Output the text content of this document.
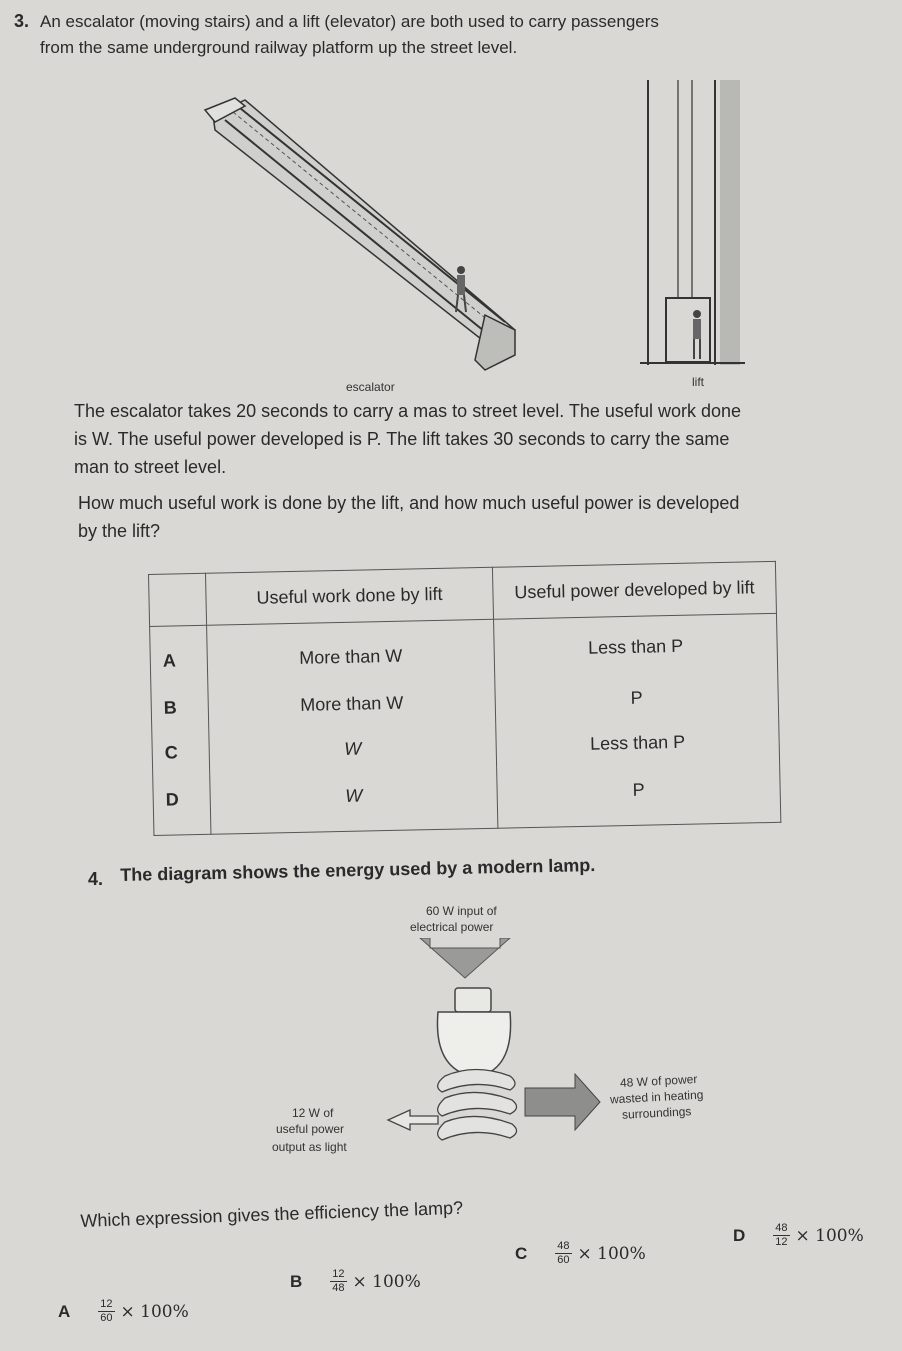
3. An escalator (moving stairs) and a lift (elevator) are both used to carry passengers
from the same underground railway platform up the street level.
escalator	lift
The escalator takes 20 seconds to carry a mas to street level. The useful work done
is W. The useful power developed is P. The lift takes 30 seconds to carry the same
man to street level.
How much useful work is done by the lift, and how much useful power is developed
by the lift?
	Useful work done by lift	Useful power developed by lift
A	More than W	Less than P
B	More than W	P
C	W	Less than P
D	W	P
4. The diagram shows the energy used by a modern lamp.
60 W input of
electrical power
48 W of power
wasted in heating
surroundings
12 W of
useful power
output as light
Which expression gives the efficiency the lamp?
A	$\frac{12}{60} \times 100\%$
B	$\frac{12}{48} \times 100\%$
C	$\frac{48}{60} \times 100\%$
D	$\frac{48}{12} \times 100\%$
